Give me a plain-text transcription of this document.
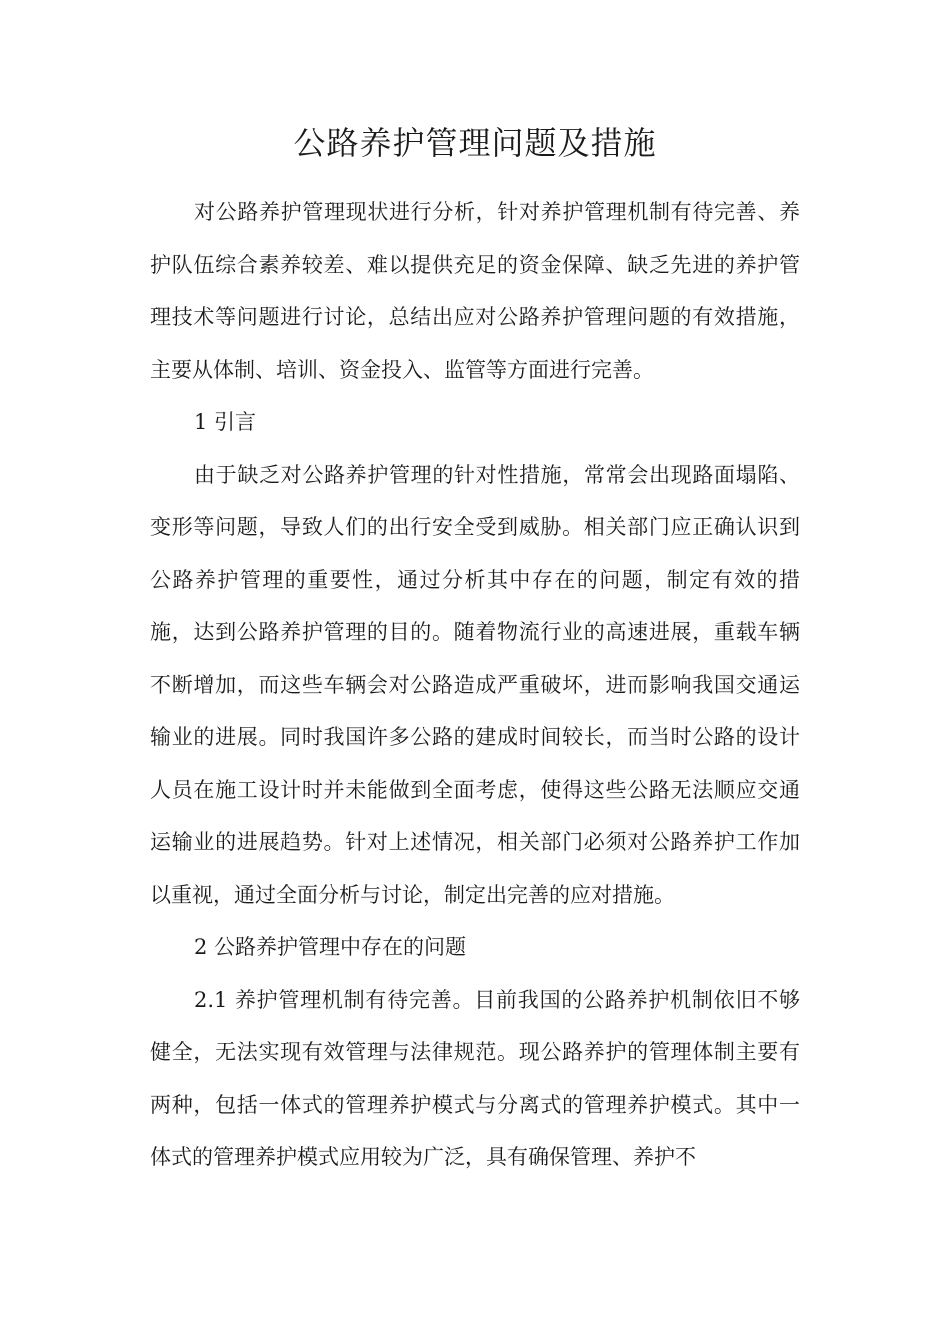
公路养护管理问题及措施

对公路养护管理现状进行分析，针对养护管理机制有待完善、养护队伍综合素养较差、难以提供充足的资金保障、缺乏先进的养护管理技术等问题进行讨论，总结出应对公路养护管理问题的有效措施，主要从体制、培训、资金投入、监管等方面进行完善。

1 引言

由于缺乏对公路养护管理的针对性措施，常常会出现路面塌陷、变形等问题，导致人们的出行安全受到威胁。相关部门应正确认识到公路养护管理的重要性，通过分析其中存在的问题，制定有效的措施，达到公路养护管理的目的。随着物流行业的高速进展，重载车辆不断增加，而这些车辆会对公路造成严重破坏，进而影响我国交通运输业的进展。同时我国许多公路的建成时间较长，而当时公路的设计人员在施工设计时并未能做到全面考虑，使得这些公路无法顺应交通运输业的进展趋势。针对上述情况，相关部门必须对公路养护工作加以重视，通过全面分析与讨论，制定出完善的应对措施。

2 公路养护管理中存在的问题

2.1 养护管理机制有待完善。目前我国的公路养护机制依旧不够健全，无法实现有效管理与法律规范。现公路养护的管理体制主要有两种，包括一体式的管理养护模式与分离式的管理养护模式。其中一体式的管理养护模式应用较为广泛，具有确保管理、养护不
